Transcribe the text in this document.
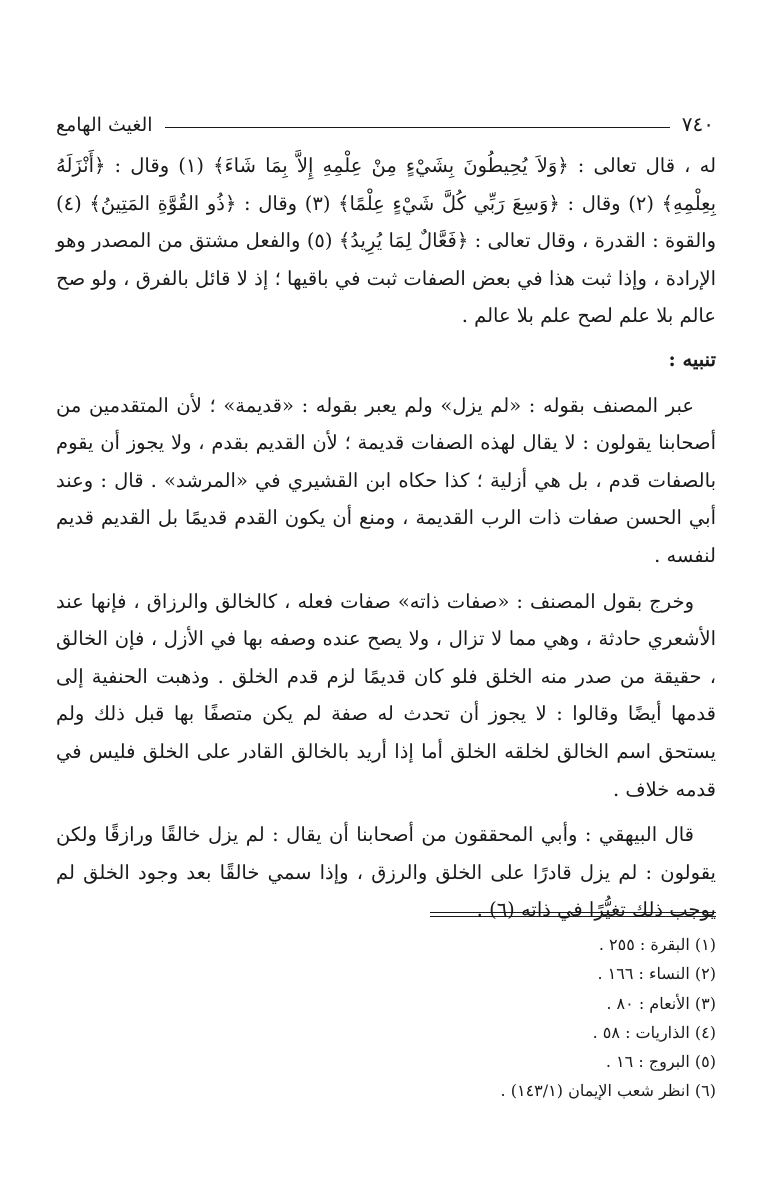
٧٤٠
الغيث الهامع

له ، قال تعالى : ﴿وَلاَ يُحِيطُونَ بِشَيْءٍ مِنْ عِلْمِهِ إِلاَّ بِمَا شَاءَ﴾ (١) وقال : ﴿أَنْزَلَهُ بِعِلْمِهِ﴾ (٢) وقال : ﴿وَسِعَ رَبِّي كُلَّ شَيْءٍ عِلْمًا﴾ (٣) وقال : ﴿ذُو القُوَّةِ المَتِينُ﴾ (٤) والقوة : القدرة ، وقال تعالى : ﴿فَعَّالٌ لِمَا يُرِيدُ﴾ (٥) والفعل مشتق من المصدر وهو الإرادة ، وإذا ثبت هذا في بعض الصفات ثبت في باقيها ؛ إذ لا قائل بالفرق ، ولو صح عالم بلا علم لصح علم بلا عالم .

تنبيه :

عبر المصنف بقوله : «لم يزل» ولم يعبر بقوله : «قديمة» ؛ لأن المتقدمين من أصحابنا يقولون : لا يقال لهذه الصفات قديمة ؛ لأن القديم بقدم ، ولا يجوز أن يقوم بالصفات قدم ، بل هي أزلية ؛ كذا حكاه ابن القشيري في «المرشد» . قال : وعند أبي الحسن صفات ذات الرب القديمة ، ومنع أن يكون القدم قديمًا بل القديم قديم لنفسه .

وخرج بقول المصنف : «صفات ذاته» صفات فعله ، كالخالق والرزاق ، فإنها عند الأشعري حادثة ، وهي مما لا تزال ، ولا يصح عنده وصفه بها في الأزل ، فإن الخالق ، حقيقة من صدر منه الخلق فلو كان قديمًا لزم قدم الخلق . وذهبت الحنفية إلى قدمها أيضًا وقالوا : لا يجوز أن تحدث له صفة لم يكن متصفًا بها قبل ذلك ولم يستحق اسم الخالق لخلقه الخلق أما إذا أريد بالخالق القادر على الخلق فليس في قدمه خلاف .

قال البيهقي : وأبي المحققون من أصحابنا أن يقال : لم يزل خالقًا ورازقًا ولكن يقولون : لم يزل قادرًا على الخلق والرزق ، وإذا سمي خالقًا بعد وجود الخلق لم يوجب ذلك تغيُّرًا في ذاته (٦) .

(١) البقرة : ٢٥٥ .
(٢) النساء : ١٦٦ .
(٣) الأنعام : ٨٠ .
(٤) الذاريات : ٥٨ .
(٥) البروج : ١٦ .
(٦) انظر شعب الإيمان (١٤٣/١) .
